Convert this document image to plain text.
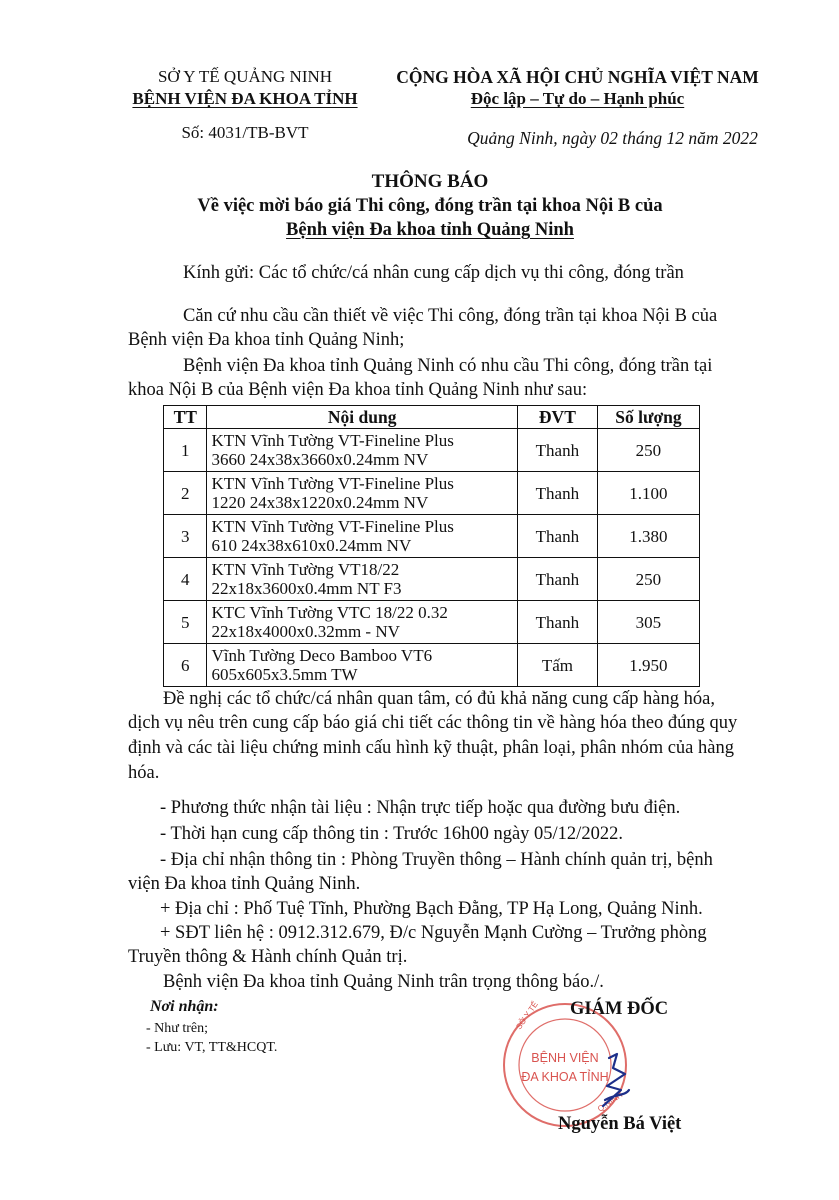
SỞ Y TẾ QUẢNG NINH
BỆNH VIỆN ĐA KHOA TỈNH
Số: 4031/TB-BVT
CỘNG HÒA XÃ HỘI CHỦ NGHĨA VIỆT NAM
Độc lập – Tự do – Hạnh phúc
Quảng Ninh, ngày 02 tháng 12 năm 2022
THÔNG BÁO
Về việc mời báo giá Thi công, đóng trần tại khoa Nội B của
Bệnh viện Đa khoa tỉnh Quảng Ninh
Kính gửi: Các tổ chức/cá nhân cung cấp dịch vụ thi công, đóng trần
Căn cứ nhu cầu cần thiết về việc Thi công, đóng trần tại khoa Nội B của
Bệnh viện Đa khoa tỉnh Quảng Ninh;
Bệnh viện Đa khoa tỉnh Quảng Ninh có nhu cầu Thi công, đóng trần tại
khoa Nội B của Bệnh viện Đa khoa tỉnh Quảng Ninh như sau:
TT	Nội dung	ĐVT	Số lượng
1	KTN Vĩnh Tường VT-Fineline Plus
3660 24x38x3660x0.24mm NV	Thanh	250
2	KTN Vĩnh Tường VT-Fineline Plus
1220 24x38x1220x0.24mm NV	Thanh	1.100
3	KTN Vĩnh Tường VT-Fineline Plus
610 24x38x610x0.24mm NV	Thanh	1.380
4	KTN Vĩnh Tường VT18/22
22x18x3600x0.4mm NT F3	Thanh	250
5	KTC Vĩnh Tường VTC 18/22 0.32
22x18x4000x0.32mm - NV	Thanh	305
6	Vĩnh Tường Deco Bamboo VT6
605x605x3.5mm TW	Tấm	1.950
Đề nghị các tổ chức/cá nhân quan tâm, có đủ khả năng cung cấp hàng hóa,
dịch vụ nêu trên cung cấp báo giá chi tiết các thông tin về hàng hóa theo đúng quy
định và các tài liệu chứng minh cấu hình kỹ thuật, phân loại, phân nhóm của hàng
hóa.
- Phương thức nhận tài liệu : Nhận trực tiếp hoặc qua đường bưu điện.
- Thời hạn cung cấp thông tin : Trước 16h00 ngày 05/12/2022.
- Địa chỉ nhận thông tin : Phòng Truyền thông – Hành chính quản trị, bệnh
viện Đa khoa tỉnh Quảng Ninh.
+ Địa chỉ : Phố Tuệ Tĩnh, Phường Bạch Đằng, TP Hạ Long, Quảng Ninh.
+ SĐT liên hệ : 0912.312.679, Đ/c Nguyễn Mạnh Cường – Trưởng phòng
Truyền thông & Hành chính Quản trị.
Bệnh viện Đa khoa tỉnh Quảng Ninh trân trọng thông báo./.
Nơi nhận:
- Như trên;
- Lưu: VT, TT&HCQT.
BỆNH VIỆN
ĐA KHOA TỈNH
SỞ Y TẾ
Q.NINH
GIÁM ĐỐC
Nguyễn Bá Việt
